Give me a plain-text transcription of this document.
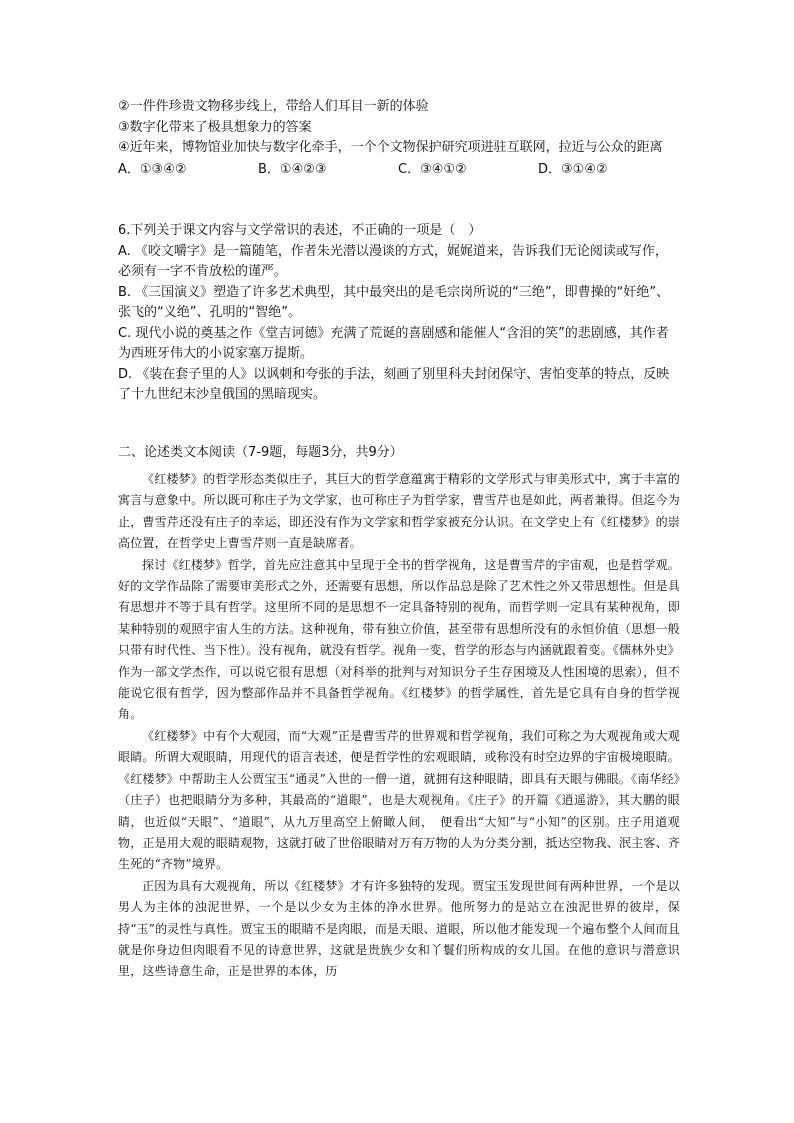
②一件件珍贵文物移步线上，带给人们耳目一新的体验

③数字化带来了极具想象力的答案

④近年来，博物馆业加快与数字化牵手，一个个文物保护研究项进驻互联网，拉近与公众的距离

A．①③④②	B．①④②③	C．③④①②	D．③①④②

6.下列关于课文内容与文学常识的表述，不正确的一项是（　）

A. 《咬文嚼字》是一篇随笔，作者朱光潜以漫谈的方式，娓娓道来，告诉我们无论阅读或写作，必须有一字不肯放松的谨严。

B. 《三国演义》塑造了许多艺术典型，其中最突出的是毛宗岗所说的“三绝”，即曹操的“奸绝”、张飞的“义绝”、孔明的“智绝”。

C. 现代小说的奠基之作《堂吉诃德》充满了荒诞的喜剧感和能催人“含泪的笑”的悲剧感，其作者为西班牙伟大的小说家塞万提斯。

D. 《装在套子里的人》以讽刺和夸张的手法，刻画了别里科夫封闭保守、害怕变革的特点，反映了十九世纪末沙皇俄国的黑暗现实。

二、论述类文本阅读（7-9题，每题3分，共9分）

《红楼梦》的哲学形态类似庄子，其巨大的哲学意蕴寓于精彩的文学形式与审美形式中，寓于丰富的寓言与意象中。所以既可称庄子为文学家，也可称庄子为哲学家，曹雪芹也是如此，两者兼得。但迄今为止，曹雪芹还没有庄子的幸运，即还没有作为文学家和哲学家被充分认识。在文学史上有《红楼梦》的崇高位置，在哲学史上曹雪芹则一直是缺席者。

探讨《红楼梦》哲学，首先应注意其中呈现于全书的哲学视角，这是曹雪芹的宇宙观，也是哲学观。好的文学作品除了需要审美形式之外，还需要有思想，所以作品总是除了艺术性之外又带思想性。但是具有思想并不等于具有哲学。这里所不同的是思想不一定具备特别的视角，而哲学则一定具有某种视角，即某种特别的观照宇宙人生的方法。这种视角，带有独立价值，甚至带有思想所没有的永恒价值（思想一般只带有时代性、当下性）。没有视角，就没有哲学。视角一变，哲学的形态与内涵就跟着变。《儒林外史》作为一部文学杰作，可以说它很有思想（对科举的批判与对知识分子生存困境及人性困境的思索），但不能说它很有哲学，因为整部作品并不具备哲学视角。《红楼梦》的哲学属性，首先是它具有自身的哲学视角。

《红楼梦》中有个大观园，而“大观”正是曹雪芹的世界观和哲学视角，我们可称之为大观视角或大观眼睛。所谓大观眼睛，用现代的语言表述，便是哲学性的宏观眼睛，或称没有时空边界的宇宙极境眼睛。《红楼梦》中帮助主人公贾宝玉“通灵”入世的一僧一道，就拥有这种眼睛，即具有天眼与佛眼。《南华经》（庄子）也把眼睛分为多种，其最高的“道眼”，也是大观视角。《庄子》的开篇《逍遥游》，其大鹏的眼睛，也近似“天眼”、“道眼”，从九万里高空上俯瞰人间，　便看出“大知”与“小知”的区别。庄子用道观物，正是用大观的眼睛观物，这就打破了世俗眼睛对万有万物的人为分类分割，抵达空物我、泯主客、齐生死的“齐物”境界。

正因为具有大观视角，所以《红楼梦》才有许多独特的发现。贾宝玉发现世间有两种世界，一个是以男人为主体的浊泥世界，一个是以少女为主体的净水世界。他所努力的是站立在浊泥世界的彼岸，保持“玉”的灵性与真性。贾宝玉的眼睛不是肉眼，而是天眼、道眼，所以他才能发现一个遍布整个人间而且就是你身边但肉眼看不见的诗意世界，这就是贵族少女和丫鬟们所构成的女儿国。在他的意识与潜意识里，这些诗意生命，正是世界的本体，历
